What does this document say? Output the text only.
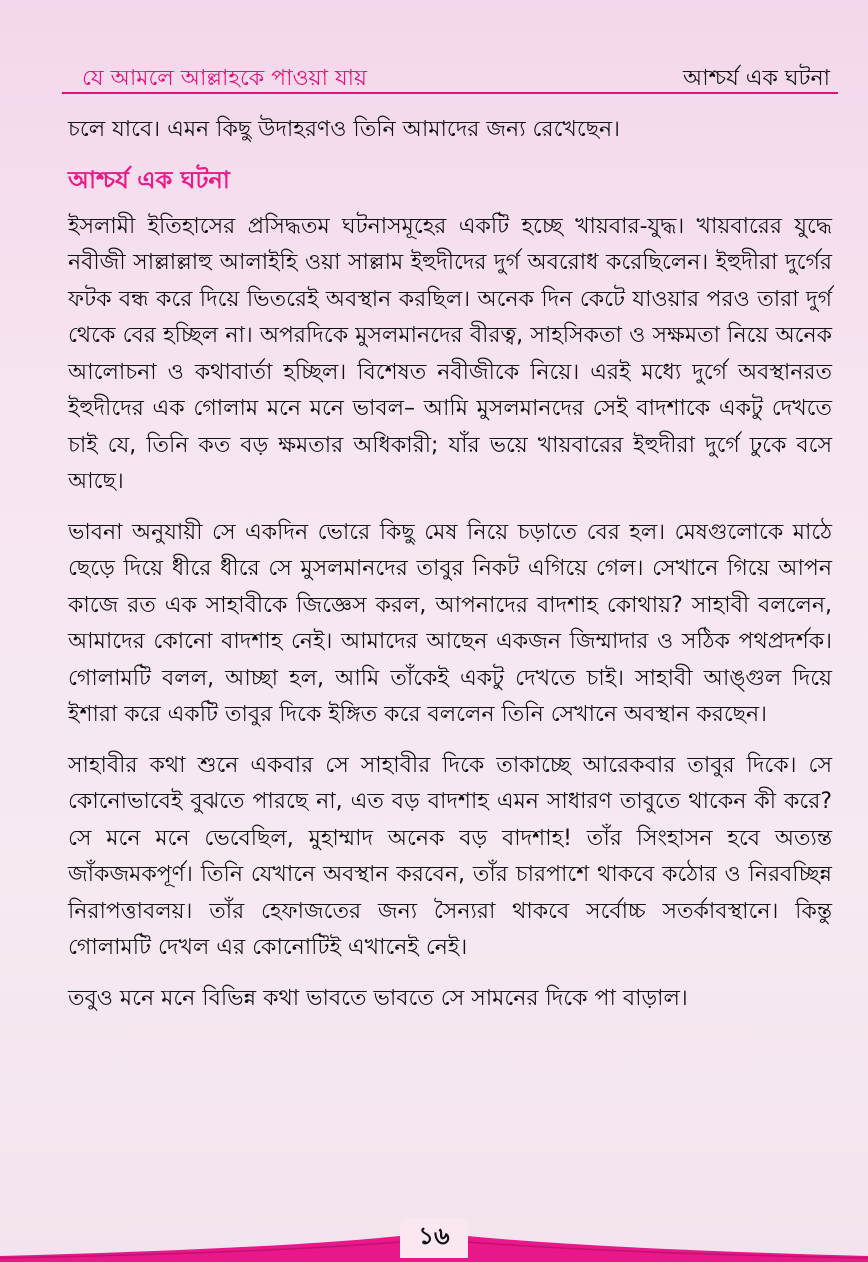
যে আমলে আল্লাহকে পাওয়া যায়	আশ্চর্য এক ঘটনা

চলে যাবে। এমন কিছু উদাহরণও তিনি আমাদের জন্য রেখেছেন।

আশ্চর্য এক ঘটনা

ইসলামী ইতিহাসের প্রসিদ্ধতম ঘটনাসমূহের একটি হচ্ছে খায়বার-যুদ্ধ। খায়বারের যুদ্ধে নবীজী সাল্লাল্লাহু আলাইহি ওয়া সাল্লাম ইহুদীদের দুর্গ অবরোধ করেছিলেন। ইহুদীরা দুর্গের ফটক বন্ধ করে দিয়ে ভিতরেই অবস্থান করছিল। অনেক দিন কেটে যাওয়ার পরও তারা দুর্গ থেকে বের হচ্ছিল না। অপরদিকে মুসলমানদের বীরত্ব, সাহসিকতা ও সক্ষমতা নিয়ে অনেক আলোচনা ও কথাবার্তা হচ্ছিল। বিশেষত নবীজীকে নিয়ে। এরই মধ্যে দুর্গে অবস্থানরত ইহুদীদের এক গোলাম মনে মনে ভাবল– আমি মুসলমানদের সেই বাদশাকে একটু দেখতে চাই যে, তিনি কত বড় ক্ষমতার অধিকারী; যাঁর ভয়ে খায়বারের ইহুদীরা দুর্গে ঢুকে বসে আছে।

ভাবনা অনুযায়ী সে একদিন ভোরে কিছু মেষ নিয়ে চড়াতে বের হল। মেষগুলোকে মাঠে ছেড়ে দিয়ে ধীরে ধীরে সে মুসলমানদের তাবুর নিকট এগিয়ে গেল। সেখানে গিয়ে আপন কাজে রত এক সাহাবীকে জিজ্ঞেস করল, আপনাদের বাদশাহ কোথায়? সাহাবী বললেন, আমাদের কোনো বাদশাহ নেই। আমাদের আছেন একজন জিম্মাদার ও সঠিক পথপ্রদর্শক। গোলামটি বলল, আচ্ছা হল, আমি তাঁকেই একটু দেখতে চাই। সাহাবী আঙ্গুল দিয়ে ইশারা করে একটি তাবুর দিকে ইঙ্গিত করে বললেন তিনি সেখানে অবস্থান করছেন।

সাহাবীর কথা শুনে একবার সে সাহাবীর দিকে তাকাচ্ছে আরেকবার তাবুর দিকে। সে কোনোভাবেই বুঝতে পারছে না, এত বড় বাদশাহ এমন সাধারণ তাবুতে থাকেন কী করে? সে মনে মনে ভেবেছিল, মুহাম্মাদ অনেক বড় বাদশাহ! তাঁর সিংহাসন হবে অত্যন্ত জাঁকজমকপূর্ণ। তিনি যেখানে অবস্থান করবেন, তাঁর চারপাশে থাকবে কঠোর ও নিরবচ্ছিন্ন নিরাপত্তাবলয়। তাঁর হেফাজতের জন্য সৈন্যরা থাকবে সর্বোচ্চ সতর্কাবস্থানে। কিন্তু গোলামটি দেখল এর কোনোটিই এখানেই নেই।

তবুও মনে মনে বিভিন্ন কথা ভাবতে ভাবতে সে সামনের দিকে পা বাড়াল।

১৬
